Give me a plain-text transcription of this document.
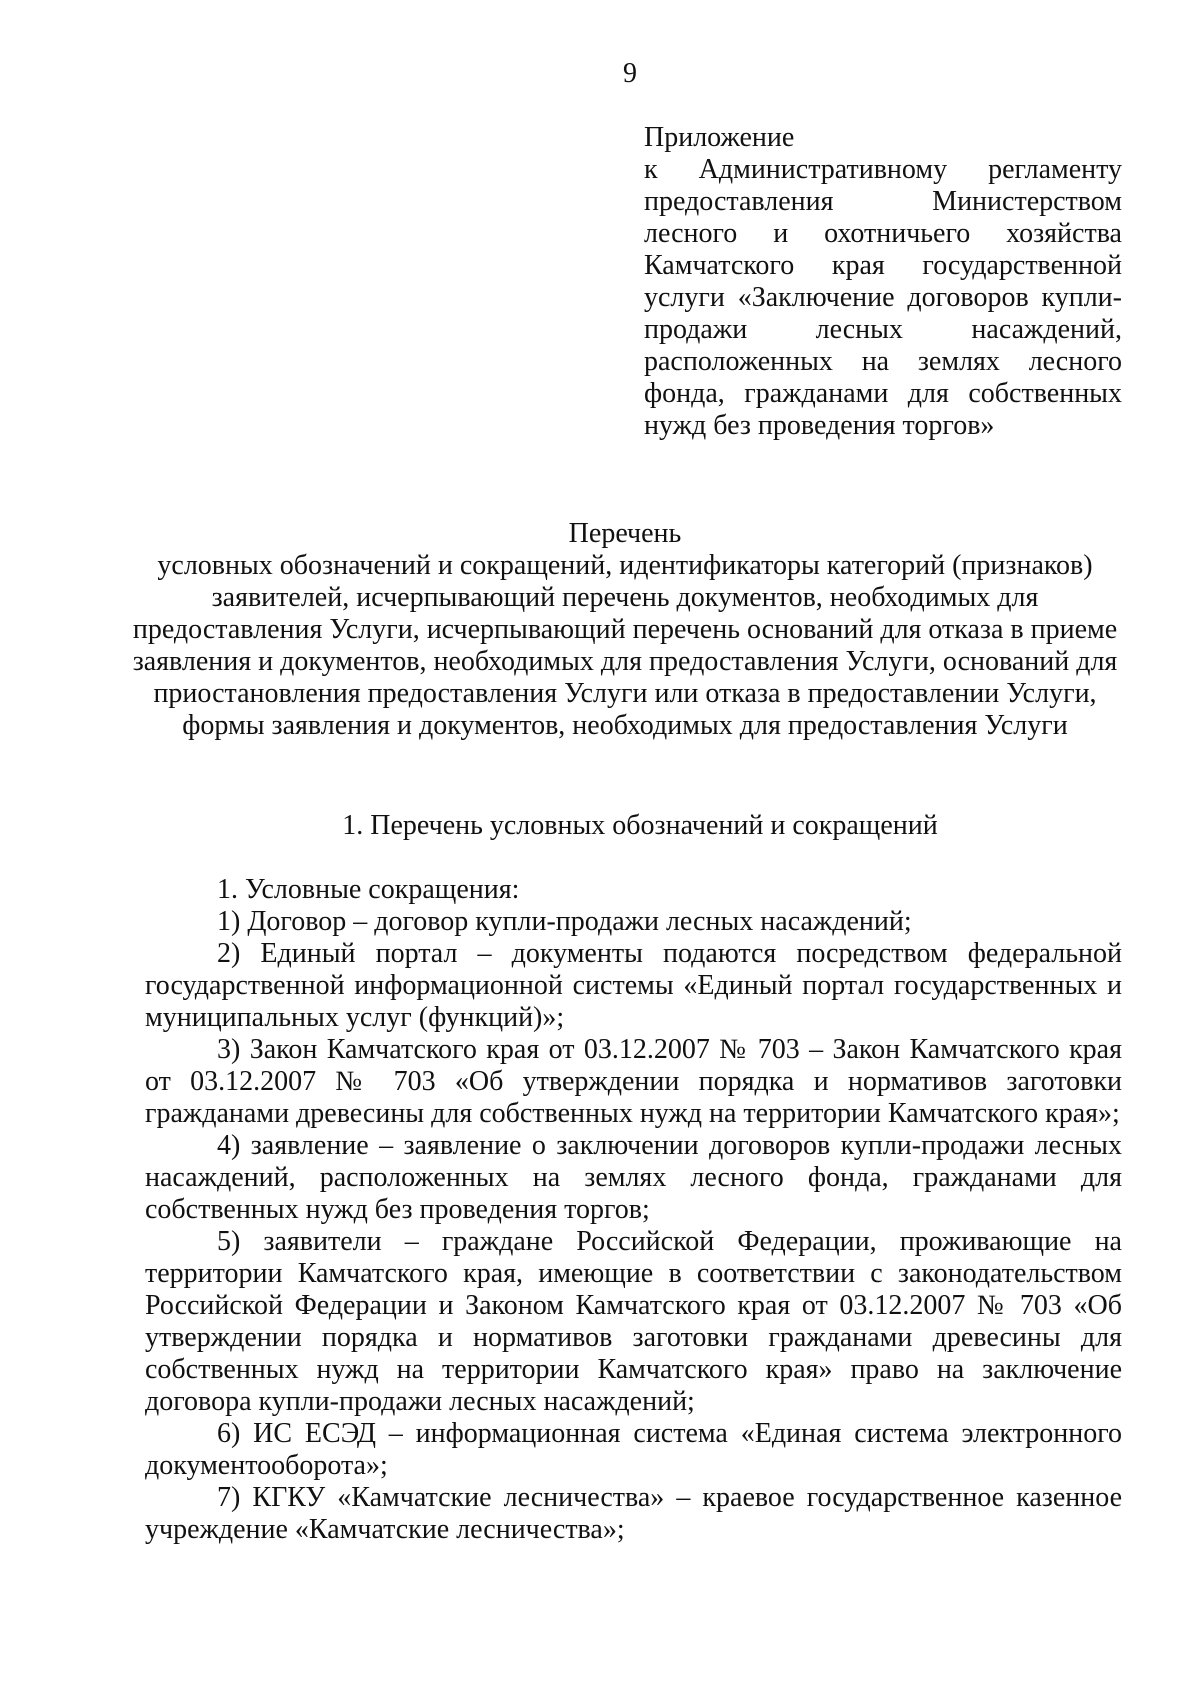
9

Приложение

к Административному регламенту предоставления Министерством лесного и охотничьего хозяйства Камчатского края государственной услуги «Заключение договоров купли-продажи лесных насаждений, расположенных на землях лесного фонда, гражданами для собственных нужд без проведения торгов»

Перечень

условных обозначений и сокращений, идентификаторы категорий (признаков) заявителей, исчерпывающий перечень документов, необходимых для предоставления Услуги, исчерпывающий перечень оснований для отказа в приеме заявления и документов, необходимых для предоставления Услуги, оснований для приостановления предоставления Услуги или отказа в предоставлении Услуги, формы заявления и документов, необходимых для предоставления Услуги

1. Перечень условных обозначений и сокращений

1. Условные сокращения:

1) Договор – договор купли-продажи лесных насаждений;

2) Единый портал – документы подаются посредством федеральной государственной информационной системы «Единый портал государственных и муниципальных услуг (функций)»;

3) Закон Камчатского края от 03.12.2007 № 703 – Закон Камчатского края от 03.12.2007 № 703 «Об утверждении порядка и нормативов заготовки гражданами древесины для собственных нужд на территории Камчатского края»;

4) заявление – заявление о заключении договоров купли-продажи лесных насаждений, расположенных на землях лесного фонда, гражданами для собственных нужд без проведения торгов;

5) заявители – граждане Российской Федерации, проживающие на территории Камчатского края, имеющие в соответствии с законодательством Российской Федерации и Законом Камчатского края от 03.12.2007 № 703 «Об утверждении порядка и нормативов заготовки гражданами древесины для собственных нужд на территории Камчатского края» право на заключение договора купли-продажи лесных насаждений;

6) ИС ЕСЭД – информационная система «Единая система электронного документооборота»;

7) КГКУ «Камчатские лесничества» – краевое государственное казенное учреждение «Камчатские лесничества»;
